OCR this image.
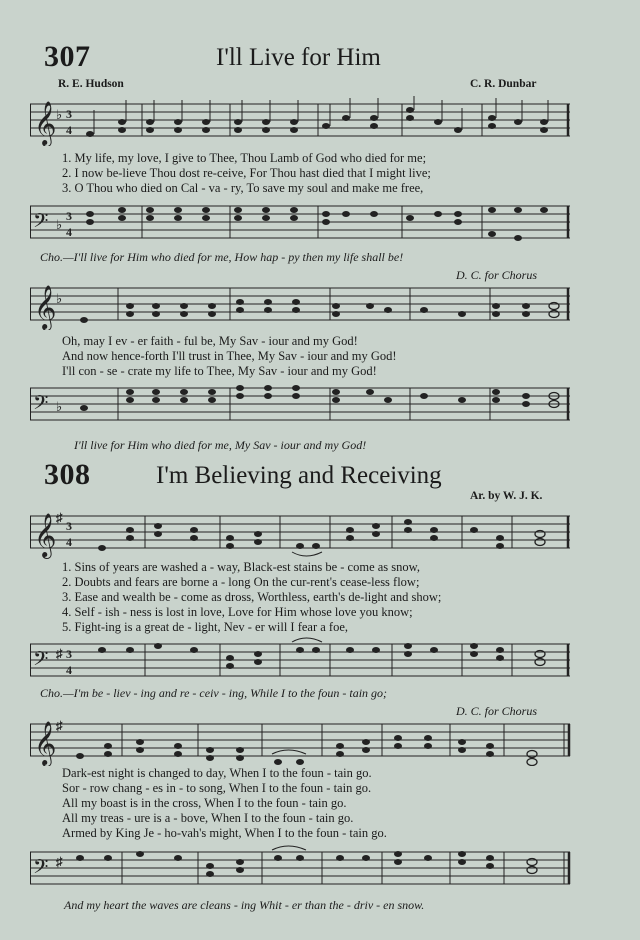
307	I'll Live for Him
R. E. Hudson	C. R. Dunbar
𝄞 ♭ 3
4
1. My life, my love, I give to Thee, Thou Lamb of God who died for me;
2. I now be-lieve Thou dost re-ceive, For Thou hast died that I might live;
3. O Thou who died on Cal - va - ry, To save my soul and make me free,
𝄢 ♭
3
4
Cho.—I'll live for Him who died for me, How hap - py then my life shall be!
D. C. for Chorus
𝄞 ♭
Oh, may I ev - er faith - ful be, My Sav - iour and my God!
And now hence-forth I'll trust in Thee, My Sav - iour and my God!
I'll con - se - crate my life to Thee, My Sav - iour and my God!
𝄢 ♭
I'll live for Him who died for me, My Sav - iour and my God!
308	I'm Believing and Receiving
Ar. by W. J. K.
𝄞 ♯
3
4
1. Sins of years are washed a - way, Black-est stains be - come as snow,
2. Doubts and fears are borne a - long On the cur-rent's cease-less flow;
3. Ease and wealth be - come as dross, Worthless, earth's de-light and show;
4. Self - ish - ness is lost in love, Love for Him whose love you know;
5. Fight-ing is a great de - light, Nev - er will I fear a foe,
𝄢 ♯ 3
4
Cho.—I'm be - liev - ing and re - ceiv - ing, While I to the foun - tain go;
D. C. for Chorus
𝄞 ♯
Dark-est night is changed to day, When I to the foun - tain go.
Sor - row chang - es in - to song, When I to the foun - tain go.
All my boast is in the cross, When I to the foun - tain go.
All my treas - ure is a - bove, When I to the foun - tain go.
Armed by King Je - ho-vah's might, When I to the foun - tain go.
𝄢 ♯
And my heart the waves are cleans - ing Whit - er than the - driv - en snow.
